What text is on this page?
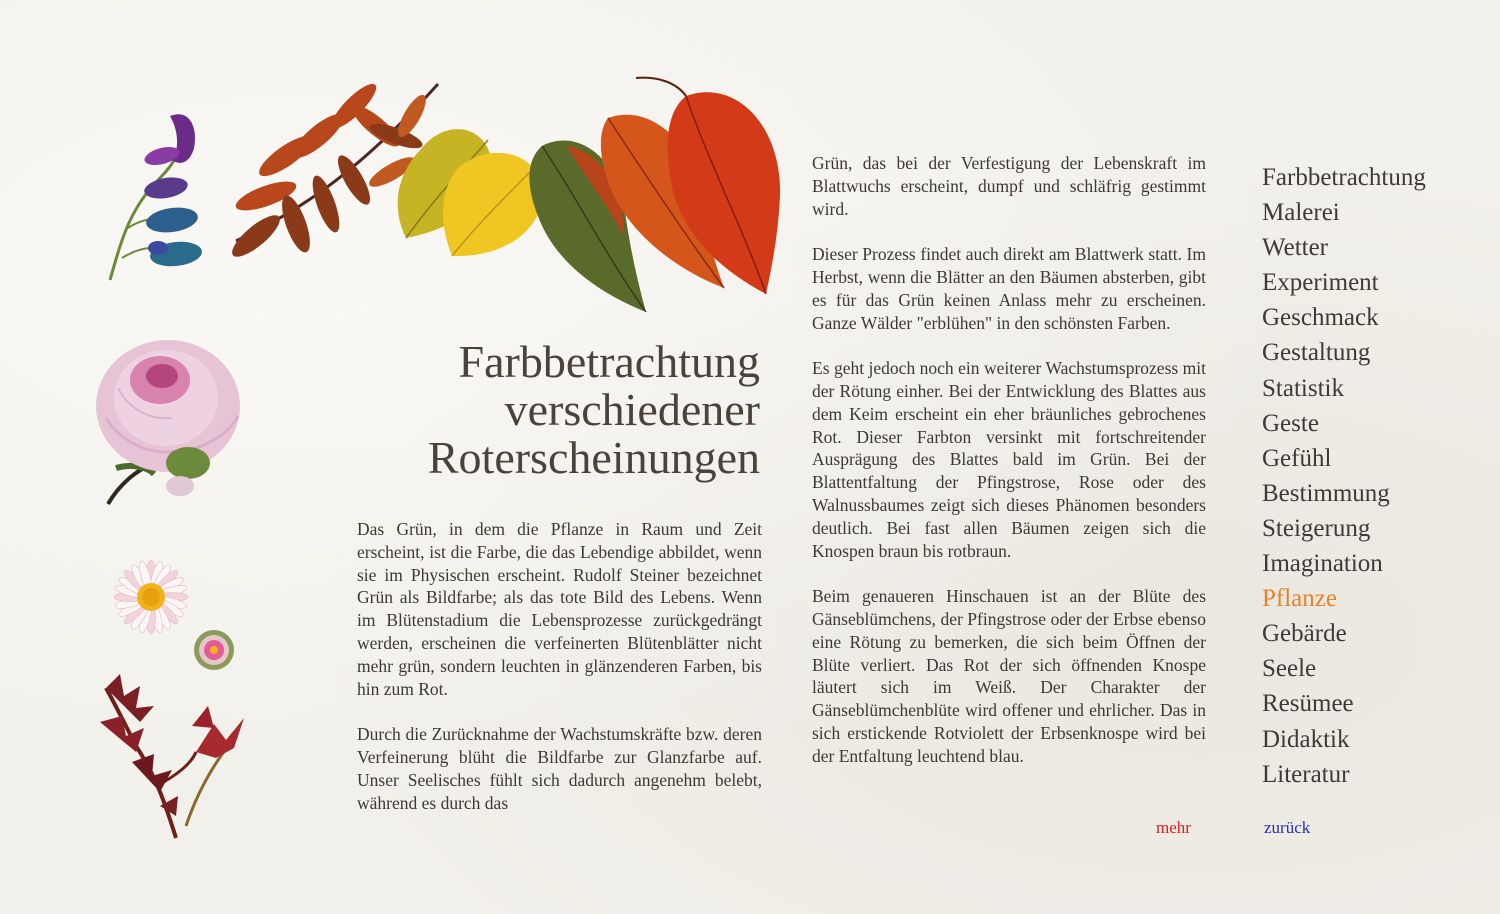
Farbbetrachtung
verschiedener
Roterscheinungen

Das Grün, in dem die Pflanze in Raum und Zeit erscheint, ist die Farbe, die das Lebendige abbildet, wenn sie im Physischen erscheint. Rudolf Steiner bezeichnet Grün als Bildfarbe; als das tote Bild des Lebens. Wenn im Blütenstadium die Lebensprozesse zurückgedrängt werden, erscheinen die verfeinerten Blütenblätter nicht mehr grün, sondern leuchten in glänzenderen Farben, bis hin zum Rot.

Durch die Zurücknahme der Wachstumskräfte bzw. deren Verfeinerung blüht die Bildfarbe zur Glanzfarbe auf. Unser Seelisches fühlt sich dadurch angenehm belebt, während es durch das

Grün, das bei der Verfestigung der Lebenskraft im Blattwuchs erscheint, dumpf und schläfrig gestimmt wird.

Dieser Prozess findet auch direkt am Blattwerk statt. Im Herbst, wenn die Blätter an den Bäumen absterben, gibt es für das Grün keinen Anlass mehr zu erscheinen. Ganze Wälder "erblühen" in den schönsten Farben.

Es geht jedoch noch ein weiterer Wachstumsprozess mit der Rötung einher. Bei der Entwicklung des Blattes aus dem Keim erscheint ein eher bräunliches gebrochenes Rot. Dieser Farbton versinkt mit fortschreitender Ausprägung des Blattes bald im Grün. Bei der Blattentfaltung der Pfingstrose, Rose oder des Walnussbaumes zeigt sich dieses Phänomen besonders deutlich. Bei fast allen Bäumen zeigen sich die Knospen braun bis rotbraun.

Beim genaueren Hinschauen ist an der Blüte des Gänseblümchens, der Pfingstrose oder der Erbse ebenso eine Rötung zu bemerken, die sich beim Öffnen der Blüte verliert. Das Rot der sich öffnenden Knospe läutert sich im Weiß. Der Charakter der Gänseblümchenblüte wird offener und ehrlicher. Das in sich erstickende Rotviolett der Erbsenknospe wird bei der Entfaltung leuchtend blau.

mehr
Farbbetrachtung
Malerei
Wetter
Experiment
Geschmack
Gestaltung
Statistik
Geste
Gefühl
Bestimmung
Steigerung
Imagination
Pflanze
Gebärde
Seele
Resümee
Didaktik
Literatur
zurück
